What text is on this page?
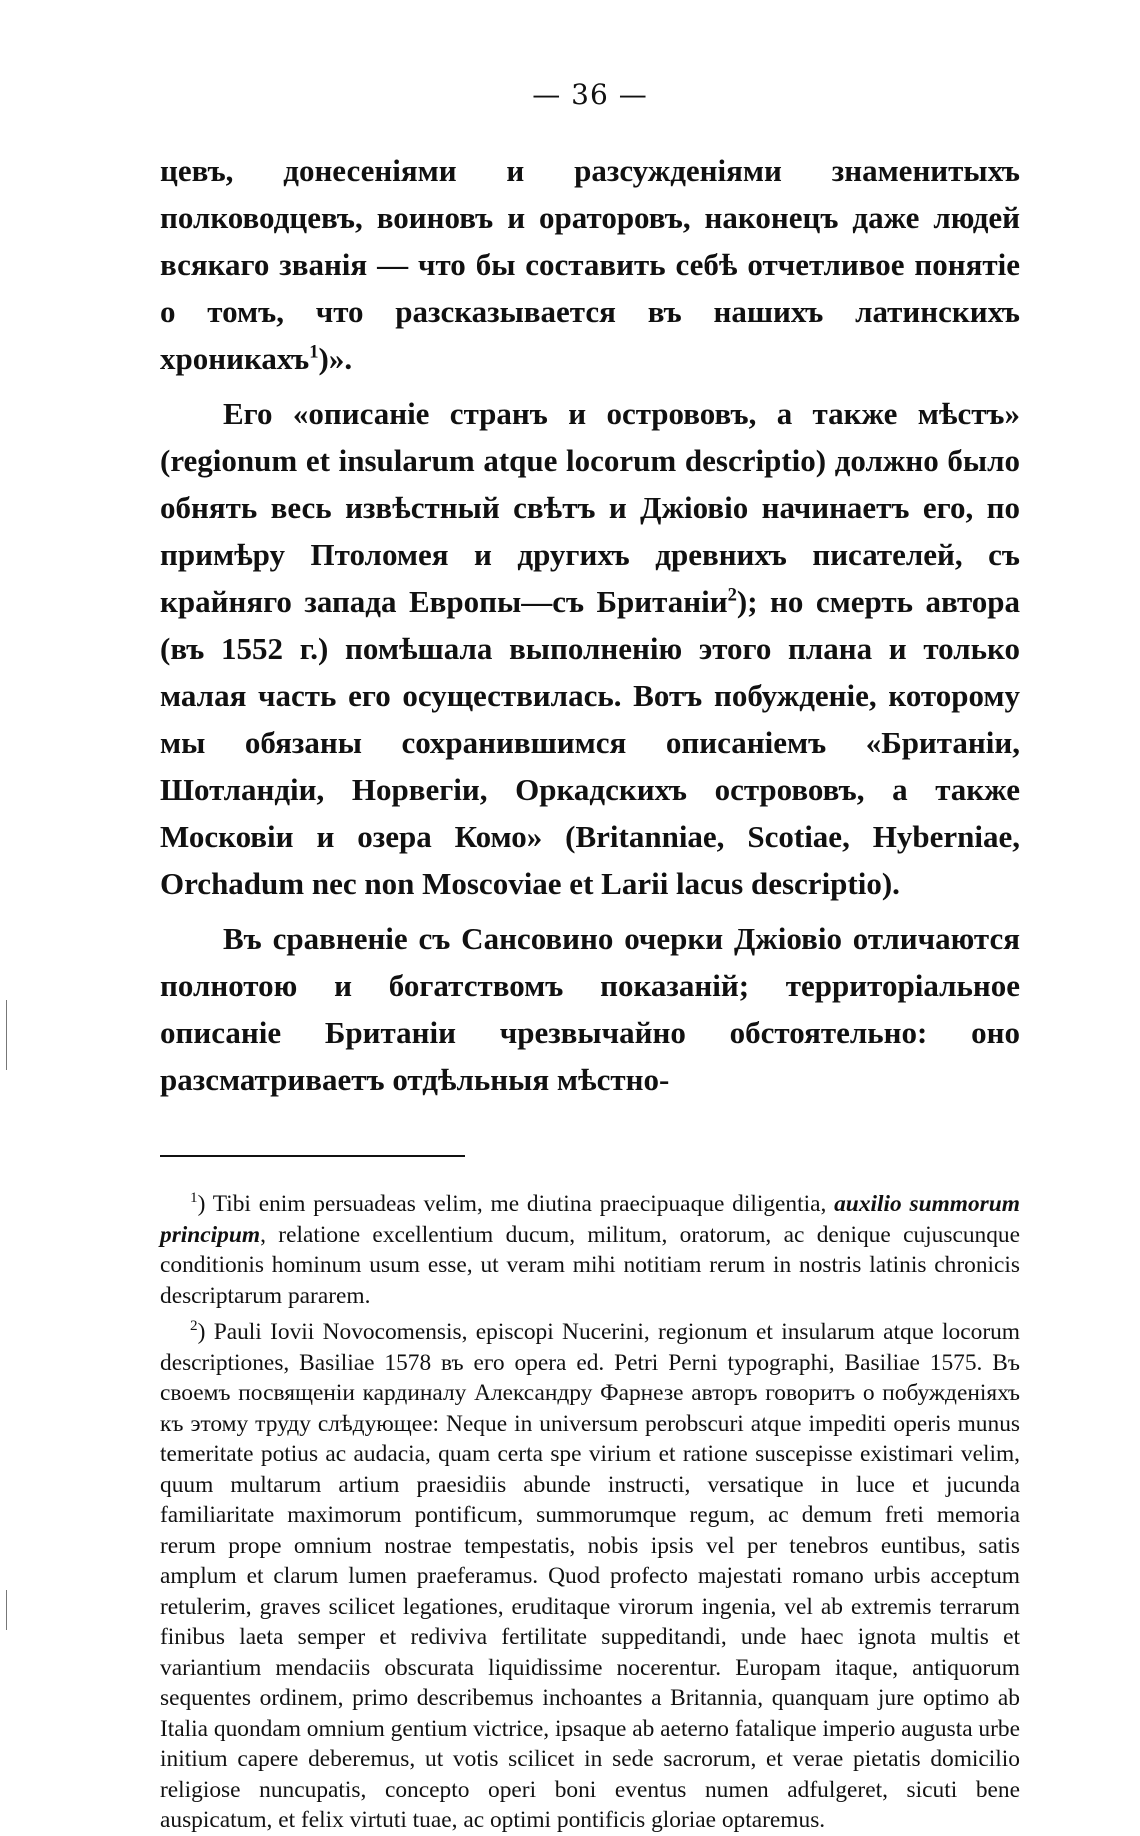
— 36 —

цевъ, донесеніями и разсужденіями знаменитыхъ полководцевъ, воиновъ и ораторовъ, наконецъ даже людей всякаго званія — что бы составить себѣ отчетливое понятіе о томъ, что разсказывается въ нашихъ латинскихъ хроникахъ$^1$)».

Его «описаніе странъ и острововъ, а также мѣстъ» (regionum et insularum atque locorum descriptio) должно было обнять весь извѣстный свѣтъ и Джіовіо начинаетъ его, по примѣру Птоломея и другихъ древнихъ писателей, съ крайняго запада Европы—съ Британіи$^2$); но смерть автора (въ 1552 г.) помѣшала выполненію этого плана и только малая часть его осуществилась. Вотъ побужденіе, которому мы обязаны сохранившимся описаніемъ «Британіи, Шотландіи, Норвегіи, Оркадскихъ острововъ, а также Московіи и озера Комо» (Britanniae, Scotiae, Hyberniae, Orchadum nec non Moscoviae et Larii lacus descriptio).

Въ сравненіе съ Сансовино очерки Джіовіо отличаются полнотою и богатствомъ показаній; территоріальное описаніе Британіи чрезвычайно обстоятельно: оно разсматриваетъ отдѣльныя мѣстно-

$^1$) Tibi enim persuadeas velim, me diutina praecipuaque diligentia, auxilio summorum principum, relatione excellentium ducum, militum, oratorum, ac denique cujuscunque conditionis hominum usum esse, ut veram mihi notitiam rerum in nostris latinis chronicis descriptarum pararem.

$^2$) Pauli Iovii Novocomensis, episcopi Nucerini, regionum et insularum atque locorum descriptiones, Basiliae 1578 въ его opera ed. Petri Perni typographi, Basiliae 1575. Въ своемъ посвященіи кардиналу Александру Фарнезе авторъ говоритъ о побужденіяхъ къ этому труду слѣдующее: Neque in universum perobscuri atque impediti operis munus temeritate potius ac audacia, quam certa spe virium et ratione suscepisse existimari velim, quum multarum artium praesidiis abunde instructi, versatique in luce et jucunda familiaritate maximorum pontificum, summorumque regum, ac demum freti memoria rerum prope omnium nostrae tempestatis, nobis ipsis vel per tenebros euntibus, satis amplum et clarum lumen praeferamus. Quod profecto majestati romano urbis acceptum retulerim, graves scilicet legationes, eruditaque virorum ingenia, vel ab extremis terrarum finibus laeta semper et rediviva fertilitate suppeditandi, unde haec ignota multis et variantium mendaciis obscurata liquidissime nocerentur. Europam itaque, antiquorum sequentes ordinem, primo describemus inchoantes a Britannia, quanquam jure optimo ab Italia quondam omnium gentium victrice, ipsaque ab aeterno fatalique imperio augusta urbe initium capere deberemus, ut votis scilicet in sede sacrorum, et verae pietatis domicilio religiose nuncupatis, concepto operi boni eventus numen adfulgeret, sicuti bene auspicatum, et felix virtuti tuae, ac optimi pontificis gloriae optaremus.
